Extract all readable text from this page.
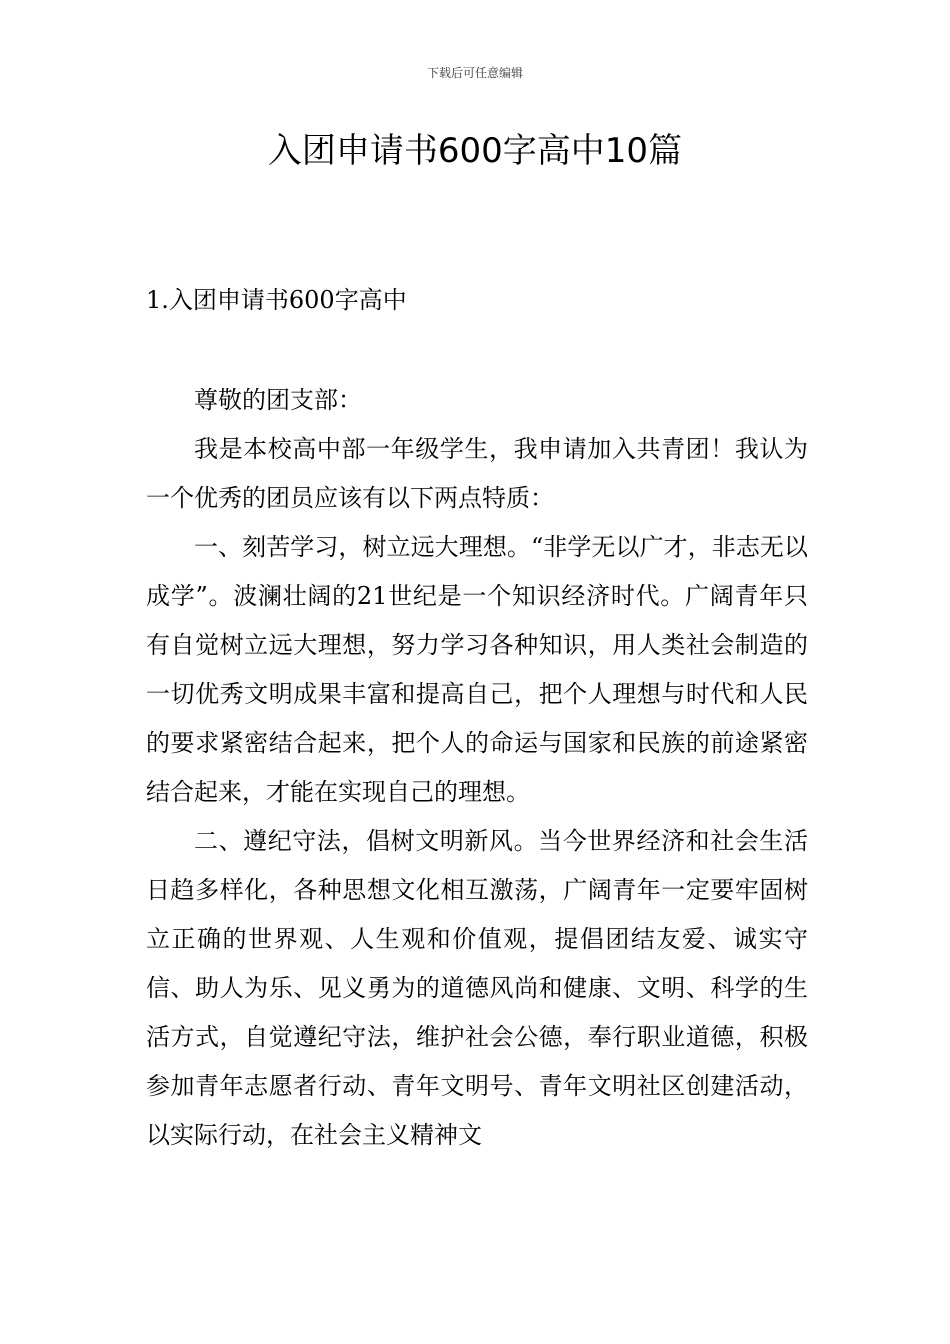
下载后可任意编辑
入团申请书600字高中10篇
1.入团申请书600字高中

尊敬的团支部：

我是本校高中部一年级学生，我申请加入共青团！我认为一个优秀的团员应该有以下两点特质：

一、刻苦学习，树立远大理想。“非学无以广才，非志无以成学”。波澜壮阔的21世纪是一个知识经济时代。广阔青年只有自觉树立远大理想，努力学习各种知识，用人类社会制造的一切优秀文明成果丰富和提高自己，把个人理想与时代和人民的要求紧密结合起来，把个人的命运与国家和民族的前途紧密结合起来，才能在实现自己的理想。

二、遵纪守法，倡树文明新风。当今世界经济和社会生活日趋多样化，各种思想文化相互激荡，广阔青年一定要牢固树立正确的世界观、人生观和价值观，提倡团结友爱、诚实守信、助人为乐、见义勇为的道德风尚和健康、文明、科学的生活方式，自觉遵纪守法，维护社会公德，奉行职业道德，积极参加青年志愿者行动、青年文明号、青年文明社区创建活动，以实际行动，在社会主义精神文
